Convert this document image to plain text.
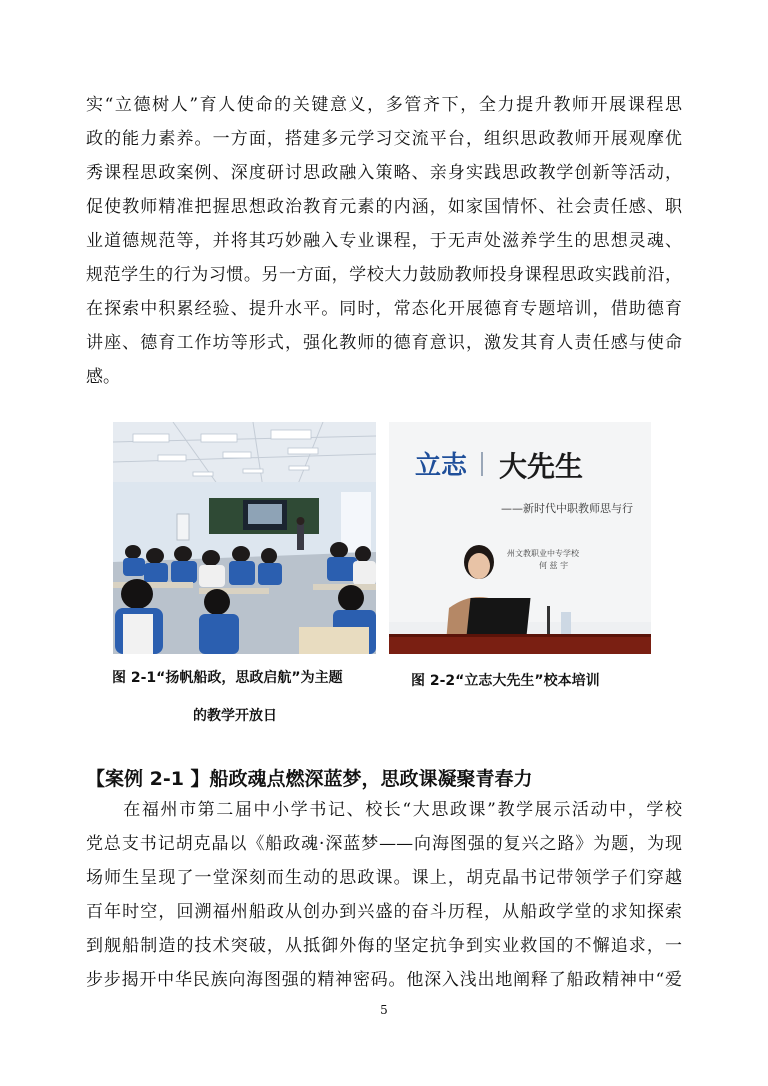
实“立德树人”育人使命的关键意义，多管齐下，全力提升教师开展课程思
政的能力素养。一方面，搭建多元学习交流平台，组织思政教师开展观摩优
秀课程思政案例、深度研讨思政融入策略、亲身实践思政教学创新等活动，
促使教师精准把握思想政治教育元素的内涵，如家国情怀、社会责任感、职
业道德规范等，并将其巧妙融入专业课程，于无声处滋养学生的思想灵魂、
规范学生的行为习惯。另一方面，学校大力鼓励教师投身课程思政实践前沿，
在探索中积累经验、提升水平。同时，常态化开展德育专题培训，借助德育
讲座、德育工作坊等形式，强化教师的德育意识，激发其育人责任感与使命
感。
立志 大先生
——新时代中职教师思与行
州文教职业中专学校
何 兹 宇
图 2-1“扬帆船政，思政启航”为主题
的教学开放日
图 2-2“立志大先生”校本培训
【案例 2-1 】船政魂点燃深蓝梦，思政课凝聚青春力
　　在福州市第二届中小学书记、校长“大思政课”教学展示活动中，学校
党总支书记胡克晶以《船政魂·深蓝梦——向海图强的复兴之路》为题，为现
场师生呈现了一堂深刻而生动的思政课。课上，胡克晶书记带领学子们穿越
百年时空，回溯福州船政从创办到兴盛的奋斗历程，从船政学堂的求知探索
到舰船制造的技术突破，从抵御外侮的坚定抗争到实业救国的不懈追求，一
步步揭开中华民族向海图强的精神密码。他深入浅出地阐释了船政精神中“爱
5
